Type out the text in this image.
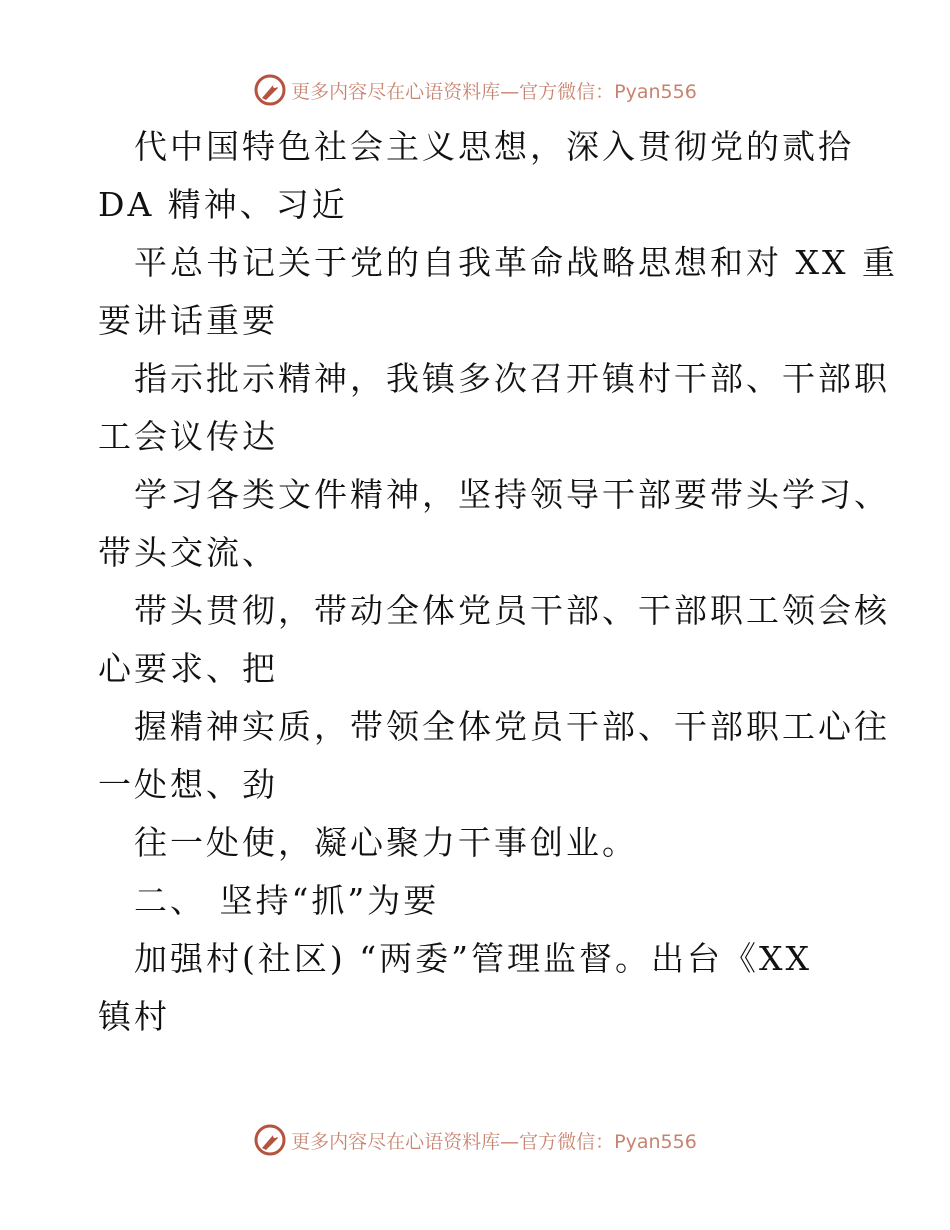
更多内容尽在心语资料库—官方微信：Pyan556
代中国特色社会主义思想，深入贯彻党的贰拾
DA 精神、习近
平总书记关于党的自我革命战略思想和对 XX 重
要讲话重要
指示批示精神，我镇多次召开镇村干部、干部职
工会议传达
学习各类文件精神，坚持领导干部要带头学习、
带头交流、
带头贯彻，带动全体党员干部、干部职工领会核
心要求、把
握精神实质，带领全体党员干部、干部职工心往
一处想、劲
往一处使，凝心聚力干事创业。
二、 坚持“抓”为要
加强村(社区) “两委”管理监督。出台《XX
镇村
更多内容尽在心语资料库—官方微信：Pyan556
